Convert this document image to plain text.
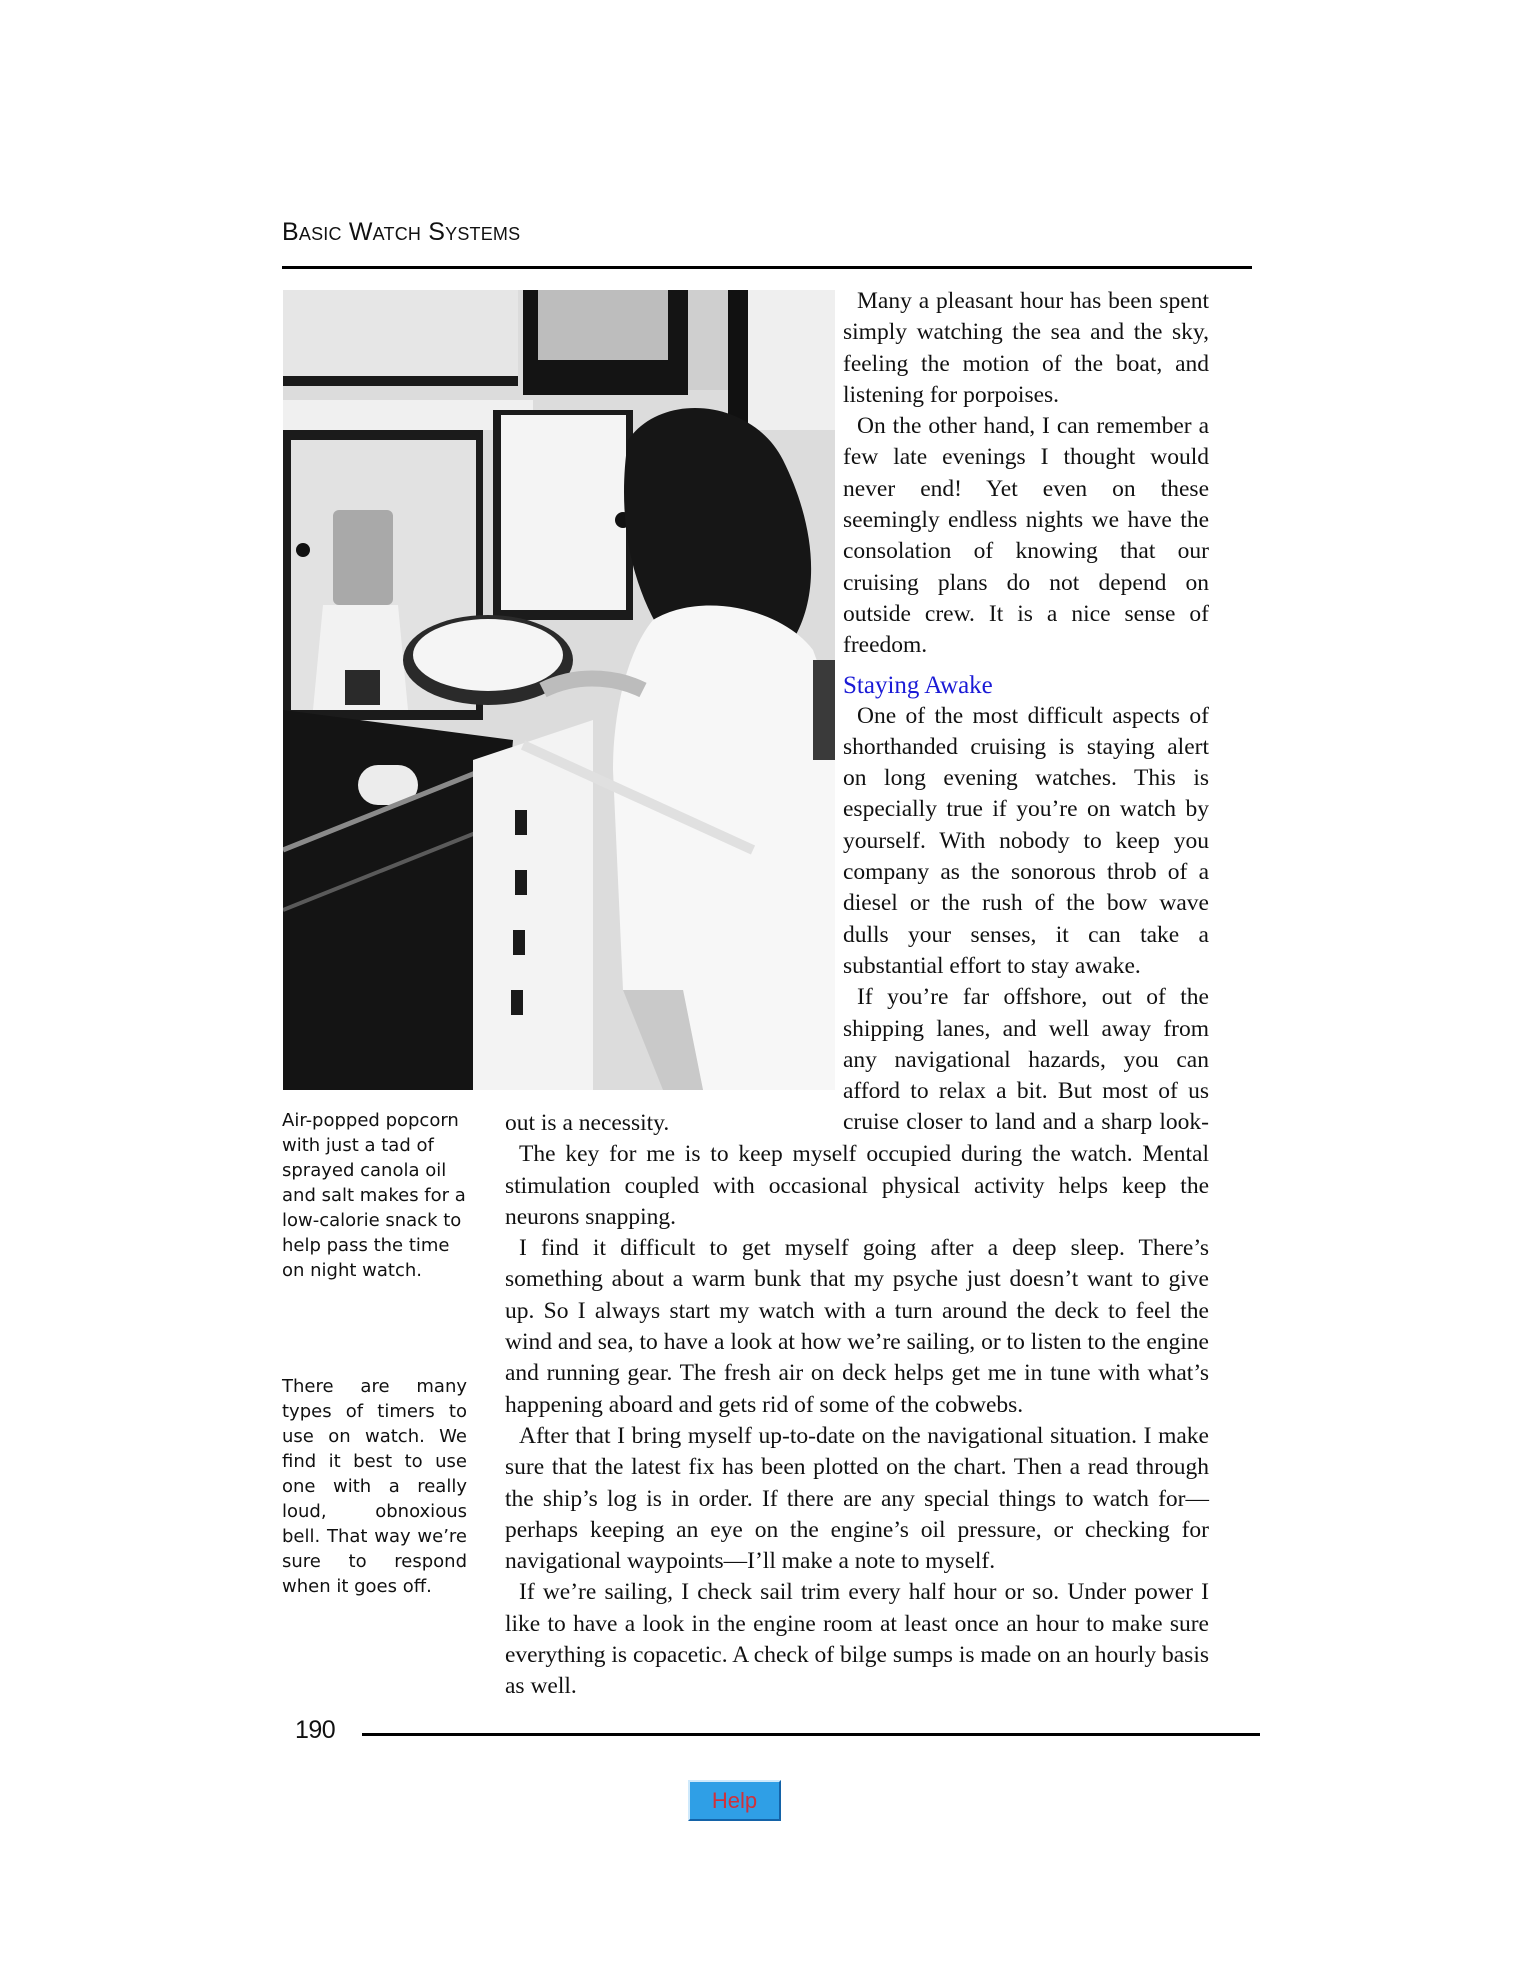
Basic Watch Systems

Many a pleasant hour has been spent simply watching the sea and the sky, feeling the motion of the boat, and listening for porpoises.

On the other hand, I can remember a few late evenings I thought would never end! Yet even on these seemingly endless nights we have the consolation of knowing that our cruising plans do not depend on outside crew. It is a nice sense of freedom.

Staying Awake

One of the most difficult aspects of shorthanded cruising is staying alert on long evening watches. This is especially true if you’re on watch by yourself. With nobody to keep you company as the sonorous throb of a diesel or the rush of the bow wave dulls your senses, it can take a substantial effort to stay awake.

If you’re far offshore, out of the shipping lanes, and well away from any navigational hazards, you can afford to relax a bit. But most of us cruise closer to land and a sharp look-

out is a necessity.

The key for me is to keep myself occupied during the watch. Mental stimulation coupled with occasional physical activity helps keep the neurons snapping.

I find it difficult to get myself going after a deep sleep. There’s something about a warm bunk that my psyche just doesn’t want to give up. So I always start my watch with a turn around the deck to feel the wind and sea, to have a look at how we’re sailing, or to listen to the engine and running gear. The fresh air on deck helps get me in tune with what’s happening aboard and gets rid of some of the cobwebs.

After that I bring myself up-to-date on the navigational situation. I make sure that the latest fix has been plotted on the chart. Then a read through the ship’s log is in order. If there are any special things to watch for—perhaps keeping an eye on the engine’s oil pressure, or checking for navigational waypoints—I’ll make a note to myself.

If we’re sailing, I check sail trim every half hour or so. Under power I like to have a look in the engine room at least once an hour to make sure everything is copacetic. A check of bilge sumps is made on an hourly basis as well.

Air-popped popcorn with just a tad of sprayed canola oil and salt makes for a low-calorie snack to help pass the time on night watch.
There are many types of timers to use on watch. We find it best to use one with a really loud, obnoxious bell. That way we’re sure to respond when it goes off.
190
Help
